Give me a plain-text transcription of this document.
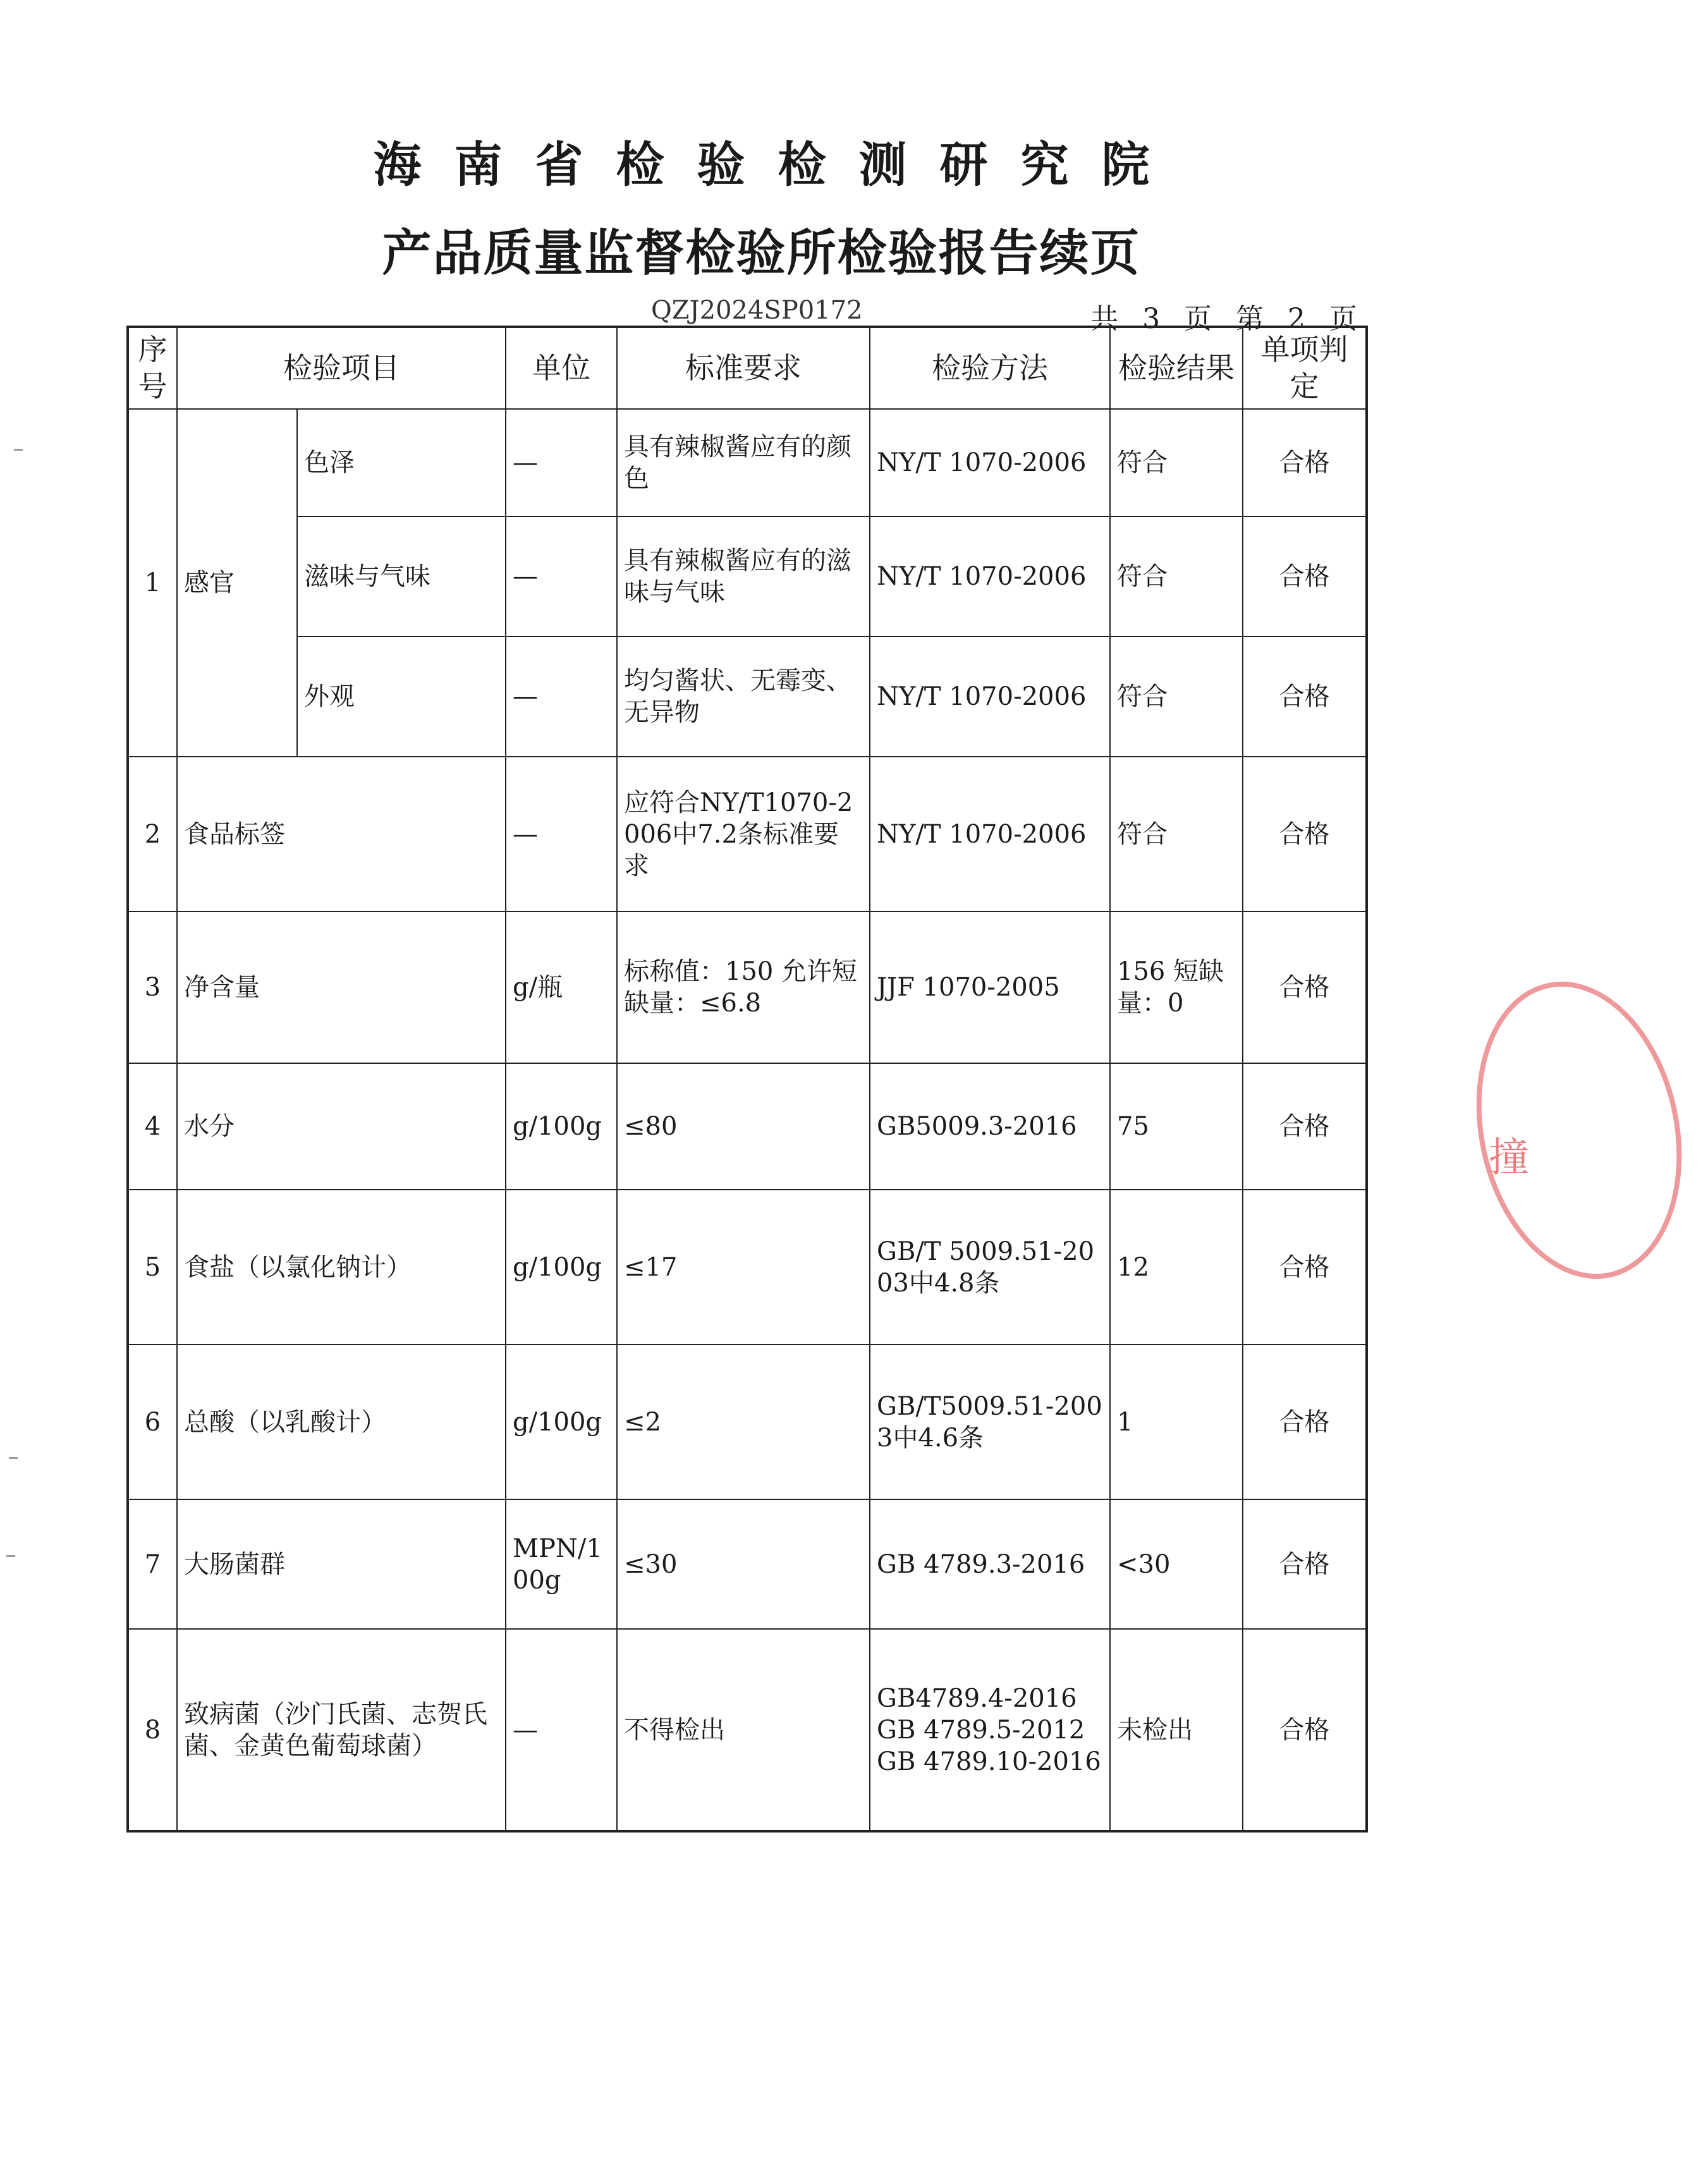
海南省检验检测研究院
产品质量监督检验所检验报告续页
QZJ2024SP0172	共 3 页 第 2 页
序号	检验项目		单位	标准要求	检验方法	检验结果	单项判定
1	感官	色泽	—	具有辣椒酱应有的颜色	NY/T 1070-2006	符合	合格
		滋味与气味	—	具有辣椒酱应有的滋味与气味	NY/T 1070-2006	符合	合格
		外观	—	均匀酱状、无霉变、无异物	NY/T 1070-2006	符合	合格
2	食品标签		—	应符合NY/T1070-2006中7.2条标准要求	NY/T 1070-2006	符合	合格
3	净含量		g/瓶	标称值：150 允许短缺量：≤6.8	JJF 1070-2005	156 短缺量：0	合格
4	水分		g/100g	≤80	GB5009.3-2016	75	合格
5	食盐（以氯化钠计）		g/100g	≤17	GB/T 5009.51-2003中4.8条	12	合格
6	总酸（以乳酸计）		g/100g	≤2	GB/T5009.51-2003中4.6条	1	合格
7	大肠菌群		MPN/100g	≤30	GB 4789.3-2016	<30	合格
8	致病菌（沙门氏菌、志贺氏菌、金黄色葡萄球菌）		—	不得检出	GB4789.4-2016 GB 4789.5-2012 GB 4789.10-2016	未检出	合格
撞
